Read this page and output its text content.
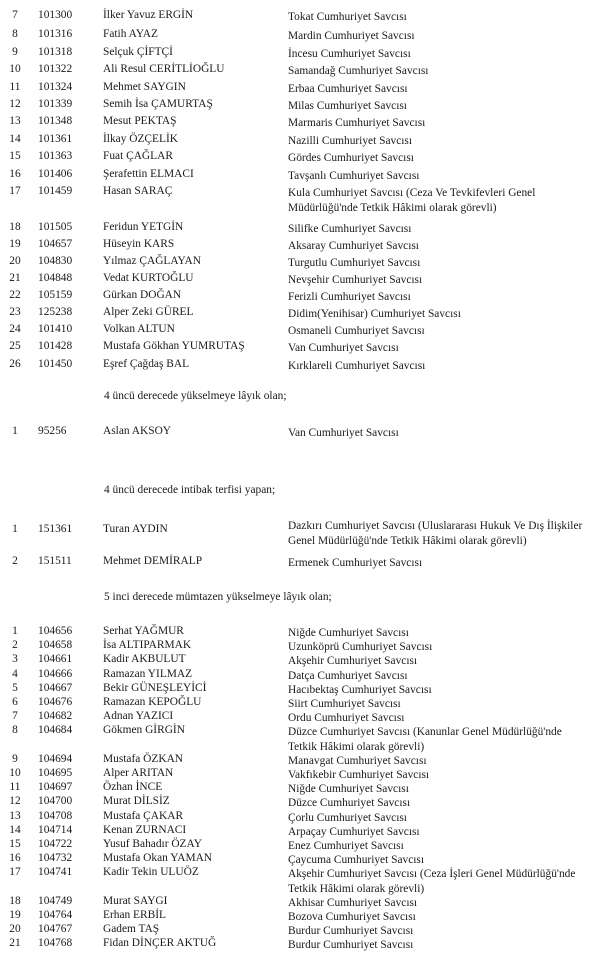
7	101300	İlker Yavuz ERGİN	Tokat Cumhuriyet Savcısı
8	101316	Fatih AYAZ	Mardin Cumhuriyet Savcısı
9	101318	Selçuk ÇİFTÇİ	İncesu Cumhuriyet Savcısı
10 101322	Ali Resul CERİTLİOĞLU	Samandağ Cumhuriyet Savcısı
11	101324	Mehmet SAYGIN	Erbaa Cumhuriyet Savcısı
12 101339	Semih İsa ÇAMURTAŞ	Milas Cumhuriyet Savcısı
13 101348	Mesut PEKTAŞ	Marmaris Cumhuriyet Savcısı
14 101361	İlkay ÖZÇELİK	Nazilli Cumhuriyet Savcısı
15 101363	Fuat ÇAĞLAR	Gördes Cumhuriyet Savcısı
16 101406	Şerafettin ELMACI	Tavşanlı Cumhuriyet Savcısı
17 101459	Hasan SARAÇ	Kula Cumhuriyet Savcısı (Ceza Ve Tevkifevleri Genel Müdürlüğü'nde Tetkik Hâkimi olarak görevli)
18 101505	Feridun YETGİN	Silifke Cumhuriyet Savcısı
19 104657	Hüseyin KARS	Aksaray Cumhuriyet Savcısı
20 104830	Yılmaz ÇAĞLAYAN	Turgutlu Cumhuriyet Savcısı
21 104848	Vedat KURTOĞLU	Nevşehir Cumhuriyet Savcısı
22 105159	Gürkan DOĞAN	Ferizli Cumhuriyet Savcısı
23 125238	Alper Zeki GÜREL	Didim(Yenihisar) Cumhuriyet Savcısı
24 101410	Volkan ALTUN	Osmaneli Cumhuriyet Savcısı
25 101428	Mustafa Gökhan YUMRUTAŞ	Van Cumhuriyet Savcısı
26 101450	Eşref Çağdaş BAL	Kırklareli Cumhuriyet Savcısı
4 üncü derecede yükselmeye lâyık olan;
1	95256	Aslan AKSOY	Van Cumhuriyet Savcısı
4 üncü derecede intibak terfisi yapan;
1	151361	Turan AYDIN	Dazkırı Cumhuriyet Savcısı (Uluslararası Hukuk Ve Dış İlişkiler Genel Müdürlüğü'nde Tetkik Hâkimi olarak görevli)
2	151511	Mehmet DEMİRALP	Ermenek Cumhuriyet Savcısı
5 inci derecede mümtazen yükselmeye lâyık olan;
1	104656	Serhat YAĞMUR	Niğde Cumhuriyet Savcısı
2	104658	İsa ALTIPARMAK	Uzunköprü Cumhuriyet Savcısı
3	104661	Kadir AKBULUT	Akşehir Cumhuriyet Savcısı
4	104666	Ramazan YILMAZ	Datça Cumhuriyet Savcısı
5	104667	Bekir GÜNEŞLEYİCİ	Hacıbektaş Cumhuriyet Savcısı
6	104676	Ramazan KEPOĞLU	Siirt Cumhuriyet Savcısı
7	104682	Adnan YAZICI	Ordu Cumhuriyet Savcısı
8	104684	Gökmen GİRGİN	Düzce Cumhuriyet Savcısı (Kanunlar Genel Müdürlüğü'nde Tetkik Hâkimi olarak görevli)
9	104694	Mustafa ÖZKAN	Manavgat Cumhuriyet Savcısı
10 104695	Alper ARITAN	Vakfıkebir Cumhuriyet Savcısı
11	104697	Özhan İNCE	Niğde Cumhuriyet Savcısı
12 104700	Murat DİLSİZ	Düzce Cumhuriyet Savcısı
13 104708	Mustafa ÇAKAR	Çorlu Cumhuriyet Savcısı
14 104714	Kenan ZURNACI	Arpaçay Cumhuriyet Savcısı
15 104722	Yusuf Bahadır ÖZAY	Enez Cumhuriyet Savcısı
16 104732	Mustafa Okan YAMAN	Çaycuma Cumhuriyet Savcısı
17 104741	Kadir Tekin ULUÖZ	Akşehir Cumhuriyet Savcısı (Ceza İşleri Genel Müdürlüğü'nde Tetkik Hâkimi olarak görevli)
18 104749	Murat SAYGI	Akhisar Cumhuriyet Savcısı
19 104764	Erhan ERBİL	Bozova Cumhuriyet Savcısı
20 104767	Gadem TAŞ	Burdur Cumhuriyet Savcısı
21 104768	Fidan DİNÇER AKTUĞ	Burdur Cumhuriyet Savcısı
